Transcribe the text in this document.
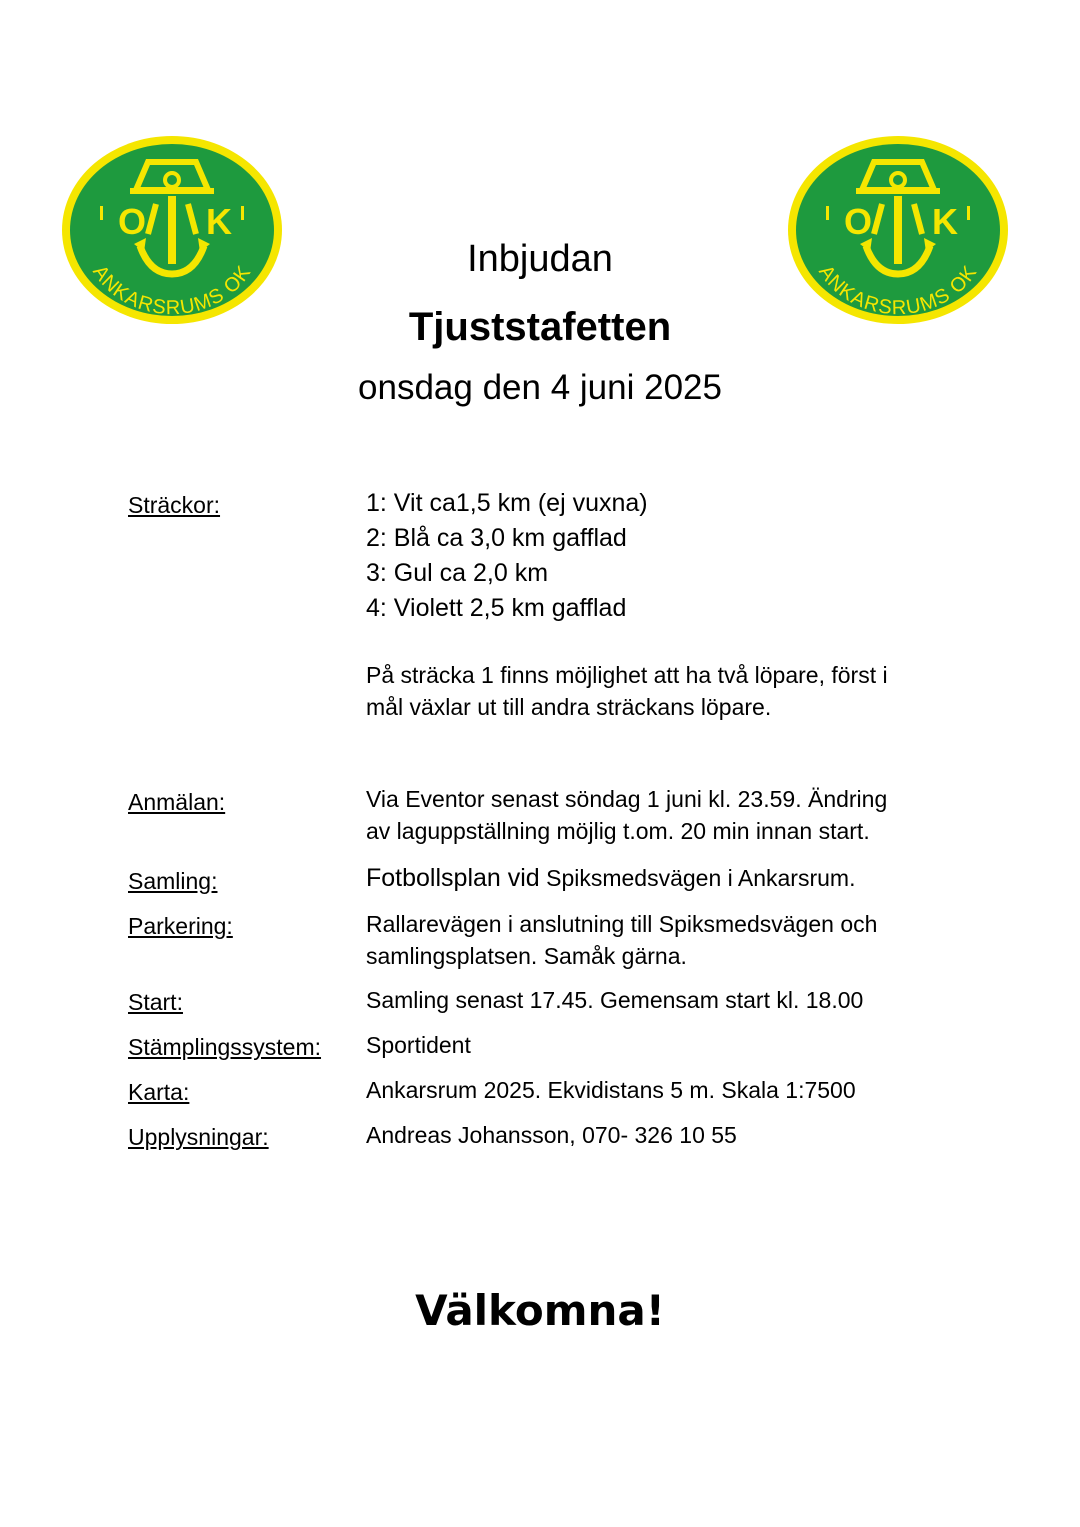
O K
ANKARSRUMS OK
O K
ANKARSRUMS OK
Inbjudan
Tjuststafetten
onsdag den 4 juni 2025
Sträckor:	1: Vit ca1,5 km (ej vuxna)
2: Blå ca 3,0 km gafflad
3: Gul ca 2,0 km
4: Violett 2,5 km gafflad
På sträcka 1 finns möjlighet att ha två löpare, först i
mål växlar ut till andra sträckans löpare.
Anmälan:	Via Eventor senast söndag 1 juni kl. 23.59. Ändring
av laguppställning möjlig t.om. 20 min innan start.
Samling:	Fotbollsplan vid Spiksmedsvägen i Ankarsrum.
Parkering:	Rallarevägen i anslutning till Spiksmedsvägen och
samlingsplatsen. Samåk gärna.
Start:	Samling senast 17.45. Gemensam start kl. 18.00
Stämplingssystem: Sportident
Karta:	Ankarsrum 2025. Ekvidistans 5 m. Skala 1:7500
Upplysningar:	Andreas Johansson, 070- 326 10 55
Välkomna!
